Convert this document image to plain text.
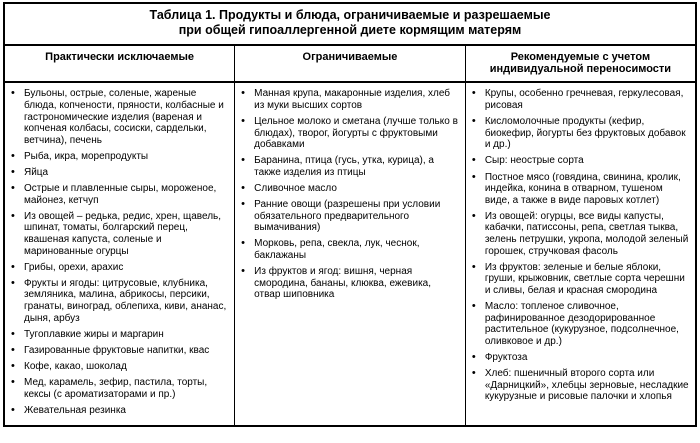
Таблица 1. Продукты и блюда, ограничиваемые и разрешаемые
при общей гипоаллергенной диете кормящим матерям		

Практически исключаемые	Ограничиваемые	Рекомендуемые с учетом
индивидуальной переносимости

• Бульоны, острые, соленые, жареные блюда, копчености, пряности, колбасные и гастрономические изделия (вареная и копченая колбасы, сосиски, сардельки, ветчина), печень
• Рыба, икра, морепродукты
• Яйца
• Острые и плавленные сыры, мороженое, майонез, кетчуп
• Из овощей – редька, редис, хрен, щавель, шпинат, томаты, болгарский перец, квашеная капуста, соленые и маринованные огурцы
• Грибы, орехи, арахис
• Фрукты и ягоды: цитрусовые, клубника, земляника, малина, абрикосы, персики, гранаты, виноград, облепиха, киви, ананас, дыня, арбуз
• Тугоплавкие жиры и маргарин
• Газированные фруктовые напитки, квас
• Кофе, какао, шоколад
• Мед, карамель, зефир, пастила, торты, кексы (с ароматизаторами и пр.)
• Жевательная резинка

• Манная крупа, макаронные изделия, хлеб из муки высших сортов
• Цельное молоко и сметана (лучше только в блюдах), творог, йогурты с фруктовыми добавками
• Баранина, птица (гусь, утка, курица), а также изделия из птицы
• Сливочное масло
• Ранние овощи (разрешены при условии обязательного предварительного вымачивания)
• Морковь, репа, свекла, лук, чеснок, баклажаны
• Из фруктов и ягод: вишня, черная смородина, бананы, клюква, ежевика, отвар шиповника

• Крупы, особенно гречневая, геркулесовая, рисовая
• Кисломолочные продукты (кефир, биокефир, йогурты без фруктовых добавок и др.)
• Сыр: неострые сорта
• Постное мясо (говядина, свинина, кролик, индейка, конина в отварном, тушеном виде, а также в виде паровых котлет)
• Из овощей: огурцы, все виды капусты, кабачки, патиссоны, репа, светлая тыква, зелень петрушки, укропа, молодой зеленый горошек, стручковая фасоль
• Из фруктов: зеленые и белые яблоки, груши, крыжовник, светлые сорта черешни и сливы, белая и красная смородина
• Масло: топленое сливочное, рафинированное дезодорированное растительное (кукурузное, подсолнечное, оливковое и др.)
• Фруктоза
• Хлеб: пшеничный второго сорта или «Дарницкий», хлебцы зерновые, несладкие кукурузные и рисовые палочки и хлопья
